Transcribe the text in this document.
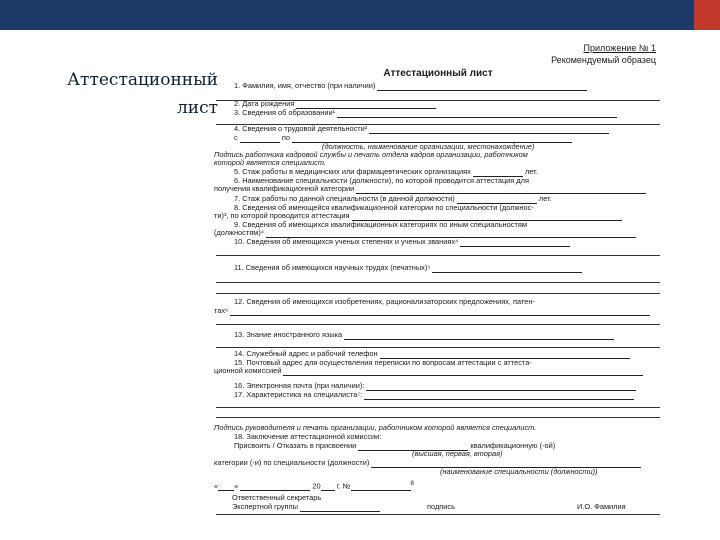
Аттестационный
лист
Приложение № 1
Рекомендуемый образец
Аттестационный лист
1. Фамилия, имя, отчество (при наличии)
2. Дата рождения
3. Сведения об образовании¹
4. Сведения о трудовой деятельности²
с	по
(должность, наименование организации, местонахождение)
Подпись работника кадровой службы и печать отдела кадров организации, работником
которой является специалист.
5. Стаж работы в медицинских или фармацевтических организациях	лет.
6. Наименование специальности (должности), по которой проводится аттестация для
получения квалификационной категории
7. Стаж работы по данной специальности (в данной должности)	лет.
8. Сведения об имеющейся квалификационной категории по специальности (должнос-
ти)³, по которой проводится аттестация
9. Сведения об имеющихся квалификационных категориях по иным специальностям
(должностям)⁴
10. Сведения об имеющихся ученых степенях и ученых званиях⁴
11. Сведения об имеющихся научных трудах (печатных)⁵
12. Сведения об имеющихся изобретениях, рационализаторских предложениях, патен-
тах⁶
13. Знание иностранного языка
14. Служебный адрес и рабочий телефон
15. Почтовый адрес для осуществления переписки по вопросам аттестации с аттеста-
ционной комиссией
16. Электронная почта (при наличии):
17. Характеристика на специалиста⁷:
Подпись руководителя и печать организации, работником которой является специалист.
18. Заключение аттестационной комиссии:
Присвоить / Отказать в присвоении	квалификационную (-ой)
(высшая, первая, вторая)
категории (-и) по специальности (должности)
(наименование специальности (должности))
« »	20 г. №	$^8$
Ответственный секретарь
Экспертной группы	подпись	И.О. Фамилия
